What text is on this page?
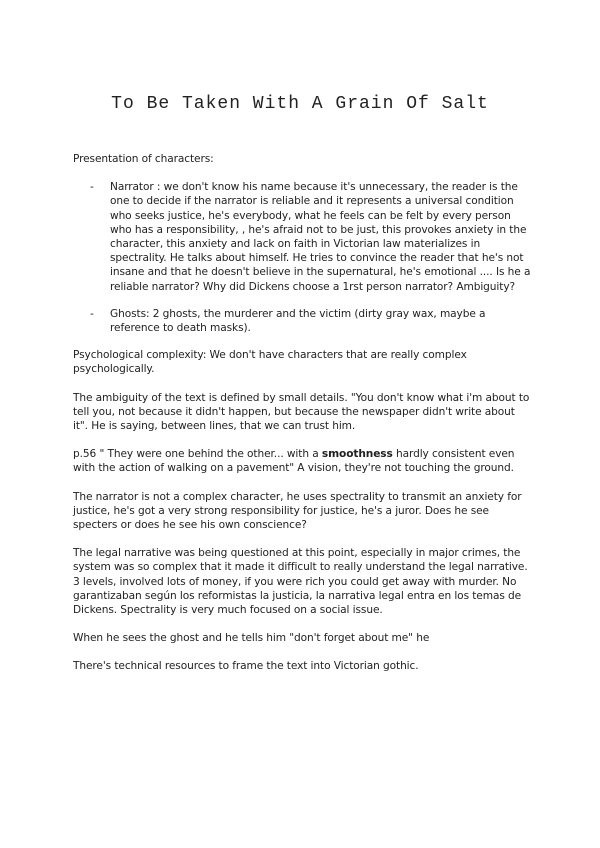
To Be Taken With A Grain Of Salt

Presentation of characters:

- Narrator : we don't know his name because it's unnecessary, the reader is the one to decide if the narrator is reliable and it represents a universal condition who seeks justice, he's everybody, what he feels can be felt by every person who has a responsibility, , he's afraid not to be just, this provokes anxiety in the character, this anxiety and lack on faith in Victorian law materializes in spectrality. He talks about himself. He tries to convince the reader that he's not insane and that he doesn't believe in the supernatural, he's emotional .... Is he a reliable narrator? Why did Dickens choose a 1rst person narrator? Ambiguity?
- Ghosts: 2 ghosts, the murderer and the victim (dirty gray wax, maybe a reference to death masks).

Psychological complexity: We don't have characters that are really complex psychologically.

The ambiguity of the text is defined by small details. "You don't know what i'm about to tell you, not because it didn't happen, but because the newspaper didn't write about it". He is saying, between lines, that we can trust him.

p.56 " They were one behind the other... with a smoothness hardly consistent even with the action of walking on a pavement" A vision, they're not touching the ground.

The narrator is not a complex character, he uses spectrality to transmit an anxiety for justice, he's got a very strong responsibility for justice, he's a juror. Does he see specters or does he see his own conscience?

The legal narrative was being questioned at this point, especially in major crimes, the system was so complex that it made it difficult to really understand the legal narrative. 3 levels, involved lots of money, if you were rich you could get away with murder. No garantizaban según los reformistas la justicia, la narrativa legal entra en los temas de Dickens. Spectrality is very much focused on a social issue.

When he sees the ghost and he tells him "don't forget about me" he

There's technical resources to frame the text into Victorian gothic.
